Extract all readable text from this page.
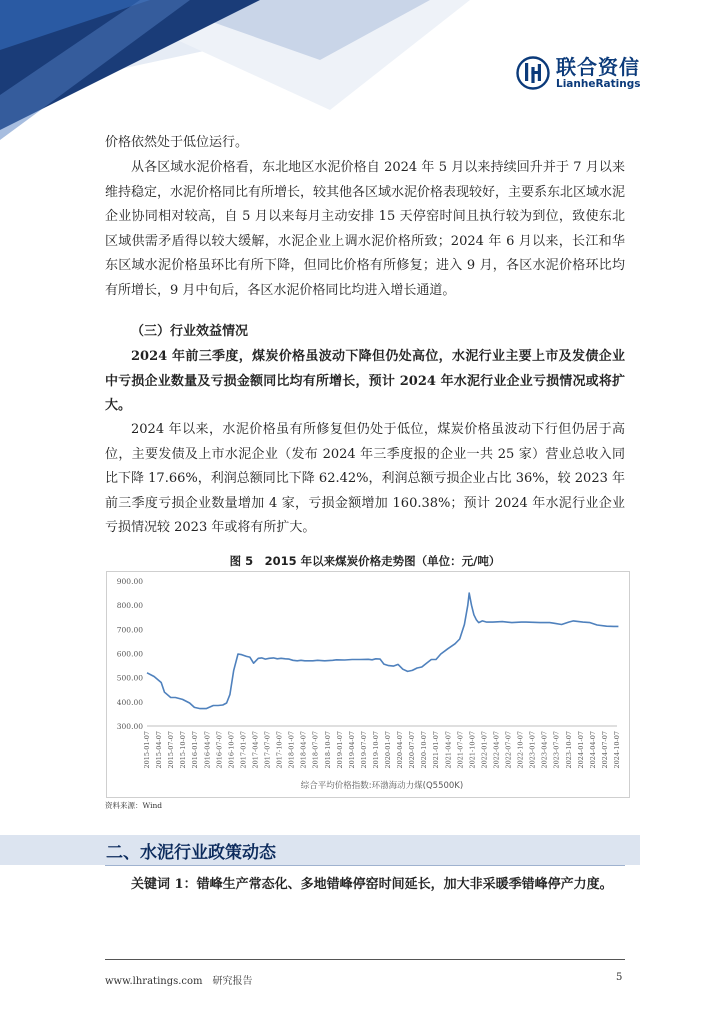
联合资信
LianheRatings
价格依然处于低位运行。
从各区域水泥价格看，东北地区水泥价格自 2024 年 5 月以来持续回升并于 7 月以来维持稳定，水泥价格同比有所增长，较其他各区域水泥价格表现较好，主要系东北区域水泥企业协同相对较高，自 5 月以来每月主动安排 15 天停窑时间且执行较为到位，致使东北区域供需矛盾得以较大缓解，水泥企业上调水泥价格所致；2024 年 6 月以来，长江和华东区域水泥价格虽环比有所下降，但同比价格有所修复；进入 9 月，各区水泥价格环比均有所增长，9 月中旬后，各区水泥价格同比均进入增长通道。
（三）行业效益情况
2024 年前三季度，煤炭价格虽波动下降但仍处高位，水泥行业主要上市及发债企业中亏损企业数量及亏损金额同比均有所增长，预计 2024 年水泥行业企业亏损情况或将扩大。
2024 年以来，水泥价格虽有所修复但仍处于低位，煤炭价格虽波动下行但仍居于高位，主要发债及上市水泥企业（发布 2024 年三季度报的企业一共 25 家）营业总收入同比下降 17.66%，利润总额同比下降 62.42%，利润总额亏损企业占比 36%，较 2023 年前三季度亏损企业数量增加 4 家，亏损金额增加 160.38%；预计 2024 年水泥行业企业亏损情况较 2023 年或将有所扩大。
图 5　2015 年以来煤炭价格走势图（单位：元/吨）
300.00
400.00
500.00
600.00
700.00
800.00
900.00
2015-01-07 2015-04-07 2015-07-07 2015-10-07 2016-01-07 2016-04-07 2016-07-07 2016-10-07 2017-01-07 2017-04-07 2017-07-07 2017-10-07 2018-01-07 2018-04-07 2018-07-07 2018-10-07 2019-01-07 2019-04-07 2019-07-07 2019-10-07 2020-01-07 2020-04-07 2020-07-07 2020-10-07 2021-01-07 2021-04-07 2021-07-07 2021-10-07 2022-01-07 2022-04-07 2022-07-07 2022-10-07 2023-01-07 2023-04-07 2023-07-07 2023-10-07 2024-01-07 2024-04-07 2024-07-07 2024-10-07
综合平均价格指数:环渤海动力煤(Q5500K)
资料来源：Wind
二、水泥行业政策动态
关键词 1：错峰生产常态化、多地错峰停窑时间延长，加大非采暖季错峰停产力度。
www.lhratings.com 研究报告	5
